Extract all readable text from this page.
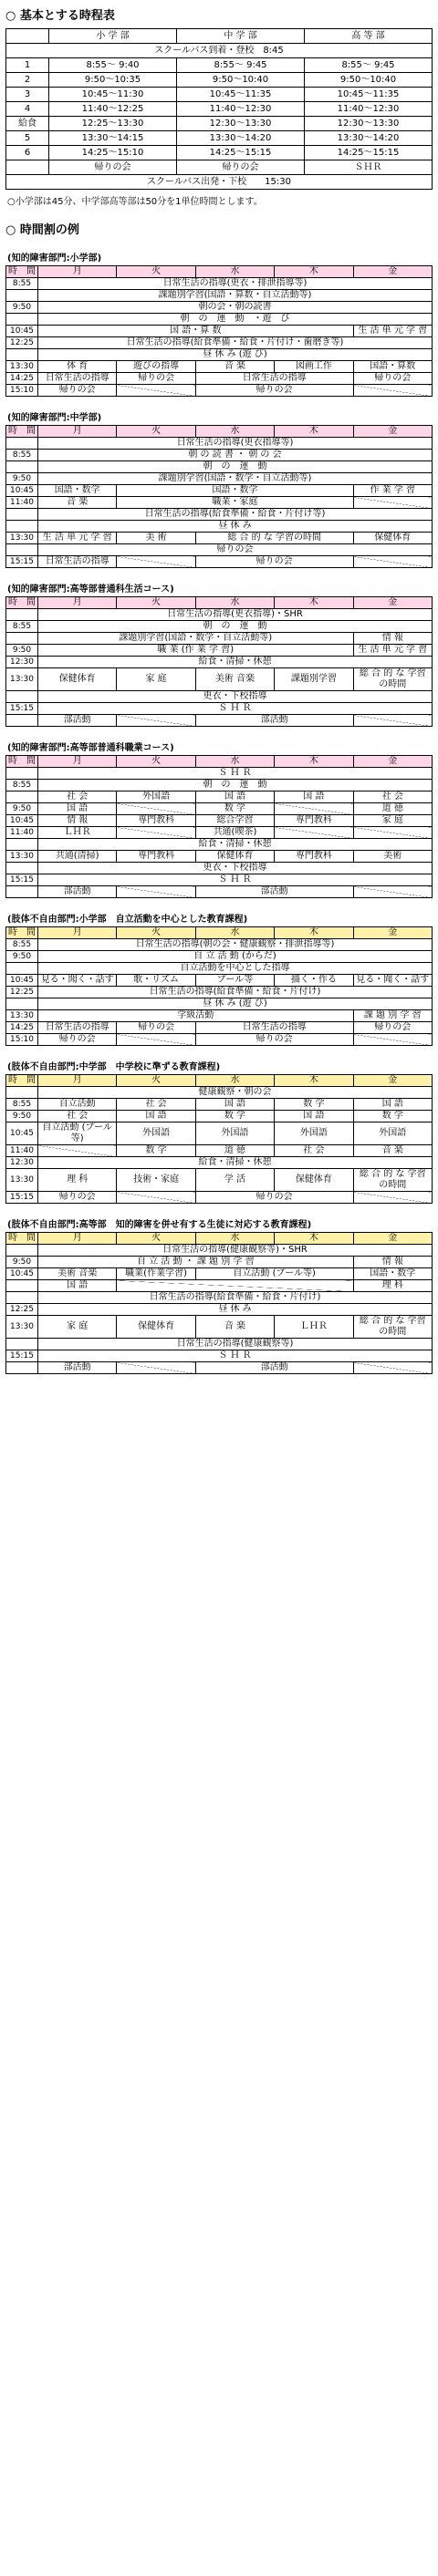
○ 基本とする時程表
	小 学 部	中 学 部	高 等 部
スクールバス到着・登校　8:45			
1	8:55～ 9:40	8:55～ 9:45	8:55～ 9:45
2	9:50～10:35	9:50～10:40	9:50～10:40
3	10:45～11:30	10:45～11:35	10:45～11:35
4	11:40～12:25	11:40～12:30	11:40～12:30
給食	12:25～13:30	12:30～13:30	12:30～13:30
5	13:30～14:15	13:30～14:20	13:30～14:20
6	14:25～15:10	14:25～15:15	14:25～15:15
	帰りの会	帰りの会	ＳＨＲ
スクールバス出発・下校　　15:30			
○小学部は45分、中学部高等部は50分を1単位時間とします。
○ 時間割の例
(知的障害部門:小学部)
時　間	月	火	水	木	金
8:55	日常生活の指導(更衣・排泄指導等)				
	課題別学習(国語・算数・自立活動等)				
9:50	朝の会・朝の読書				
	朝　の　運　動　・遊　び				
10:45	国 語・算 数				生 活 単 元 学 習
12:25	日常生活の指導(給食準備・給食・片付け・歯磨き等)				
	昼 休 み (遊 び)				
13:30	体 育	遊びの指導	音 楽	図画工作	国語・算数
14:25	日常生活の指導	帰りの会	日常生活の指導		帰りの会
15:10	帰りの会		帰りの会		
(知的障害部門:中学部)
時　間	月	火	水	木	金
	日常生活の指導(更衣指導等)				
8:55	朝 の 読 書 ・ 朝 の 会				
	朝　の　運　動				
9:50	課題別学習(国語・数学・自立活動等)				
10:45	国語・数学	国語・数学			作 業 学 習
11:40	音 楽	職業・家庭			
	日常生活の指導(給食準備・給食・片付け等)				
	昼 休 み				
13:30	生 活 単 元 学 習	美 術	総 合 的 な 学習の時間		保健体育
	帰りの会				
15:15	日常生活の指導		帰りの会		
(知的障害部門:高等部普通科生活コース)
時　間	月	火	水	木	金
	日常生活の指導(更衣指導)・SHR				
8:55	朝　の　運　動				
	課題別学習(国語・数学・自立活動等)				情 報
9:50	職 業 (作 業 学 習)				生 活 単 元 学 習
12:30	給食・清掃・休憩				
13:30	保健体育	家 庭	美術 音楽	課題別学習	総 合 的 な 学習の時間
	更衣・下校指導				
15:15	Ｓ Ｈ Ｒ				
	部活動		部活動		
(知的障害部門:高等部普通科職業コース)
時　間	月	火	水	木	金
	Ｓ Ｈ Ｒ				
8:55	朝　の　運　動				
	社 会	外国語	国 語	国 語	社 会
9:50	国 語		数 学		道 徳
10:45	情 報	専門教科	総合学習	専門教科	家 庭
11:40	ＬＨＲ		共通(喫茶)		
	給食・清掃・休憩				
13:30	共通(清掃)	専門教科	保健体育	専門教科	美術
	更衣・下校指導				
15:15	Ｓ Ｈ Ｒ				
	部活動		部活動		
(肢体不自由部門:小学部　自立活動を中心とした教育課程)
時　間	月	火	水	木	金
8:55	日常生活の指導(朝の会・健康観察・排泄指導等)				
9:50	自 立 活 動 (からだ)				
	自立活動を中心とした指導				
10:45	見る・聞く・話す	歌・リズム	プール等	描く・作る	見る・聞く・話す
12:25	日常生活の指導(給食準備・給食・片付け)				
	昼 休 み (遊 び)				
13:30	学級活動				課 題 別 学 習
14:25	日常生活の指導	帰りの会	日常生活の指導		帰りの会
15:10	帰りの会		帰りの会		
(肢体不自由部門:中学部　中学校に準ずる教育課程)
時　間	月	火	水	木	金
	健康観察・朝の会				
8:55	自立活動	社 会	国 語	数 学	国 語
9:50	社 会	国 語	数 学	国 語	数 学
10:45	自立活動 (プール等)	外国語	外国語	外国語	外国語
11:40		数 学	道 徳	社 会	音 楽
12:30	給食・清掃・休憩				
13:30	理 科	技術・家庭	学 活	保健体育	総 合 的 な 学習の時間
15:15	帰りの会		帰りの会		
(肢体不自由部門:高等部　知的障害を併せ有する生徒に対応する教育課程)
時　間	月	火	水	木	金
	日常生活の指導(健康観察等)・SHR				
9:50	自 立 活 動 ・ 課 題 別 学 習				情 報
10:45	美術 音楽	職業(作業学習)	自立活動 (プール等)		国語・数学
	国 語				理 科
	日常生活の指導(給食準備・給食・片付け)				
12:25	昼 休 み				
13:30	家 庭	保健体育	音 楽	ＬＨＲ	総 合 的 な 学習の時間
	日常生活の指導(健康観察等)				
15:15	Ｓ Ｈ Ｒ				
	部活動		部活動		
